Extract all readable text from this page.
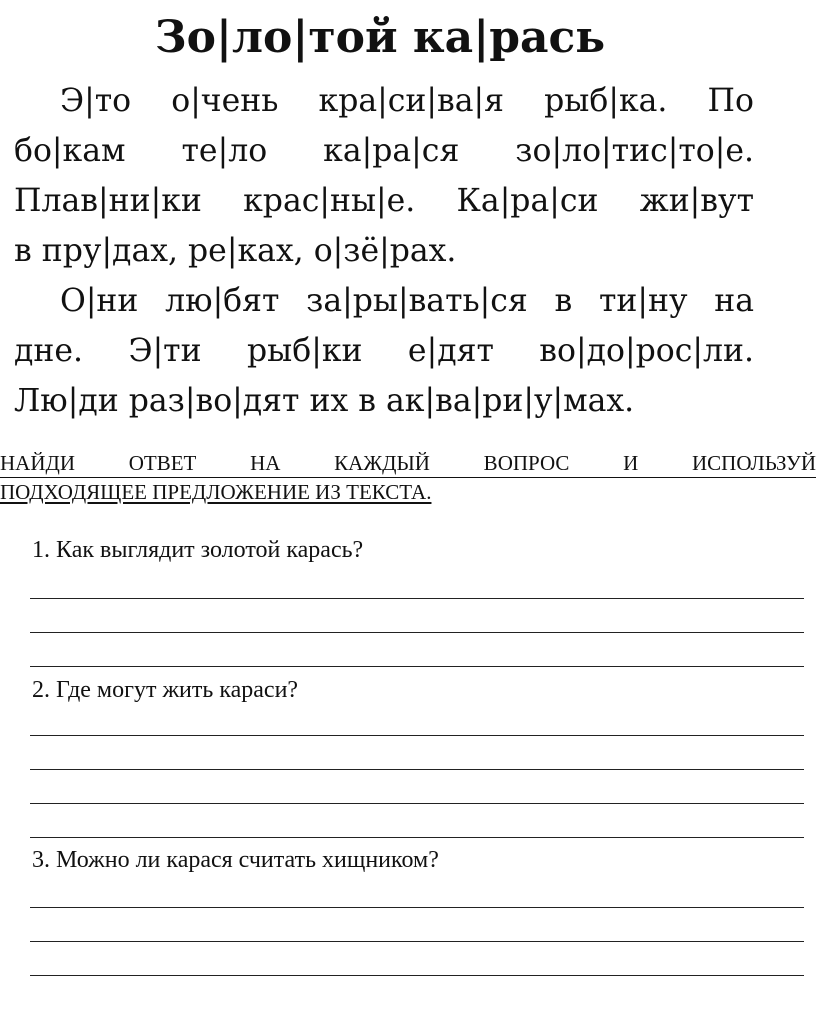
Зо|ло|той ка|рась
Э|то о|чень кра|си|ва|я рыб|ка. По
бо|кам те|ло ка|ра|ся зо|ло|тис|то|е.
Плав|ни|ки крас|ны|е. Ка|ра|си жи|вут
в пру|дах, ре|ках, о|зё|рах.
О|ни лю|бят за|ры|вать|ся в ти|ну на
дне. Э|ти рыб|ки е|дят во|до|рос|ли.
Лю|ди раз|во|дят их в ак|ва|ри|у|мах.
НАЙДИ ОТВЕТ НА КАЖДЫЙ ВОПРОС И ИСПОЛЬЗУЙ
ПОДХОДЯЩЕЕ ПРЕДЛОЖЕНИЕ ИЗ ТЕКСТА.
1. Как выглядит золотой карась?
2. Где могут жить караси?
3. Можно ли карася считать хищником?
